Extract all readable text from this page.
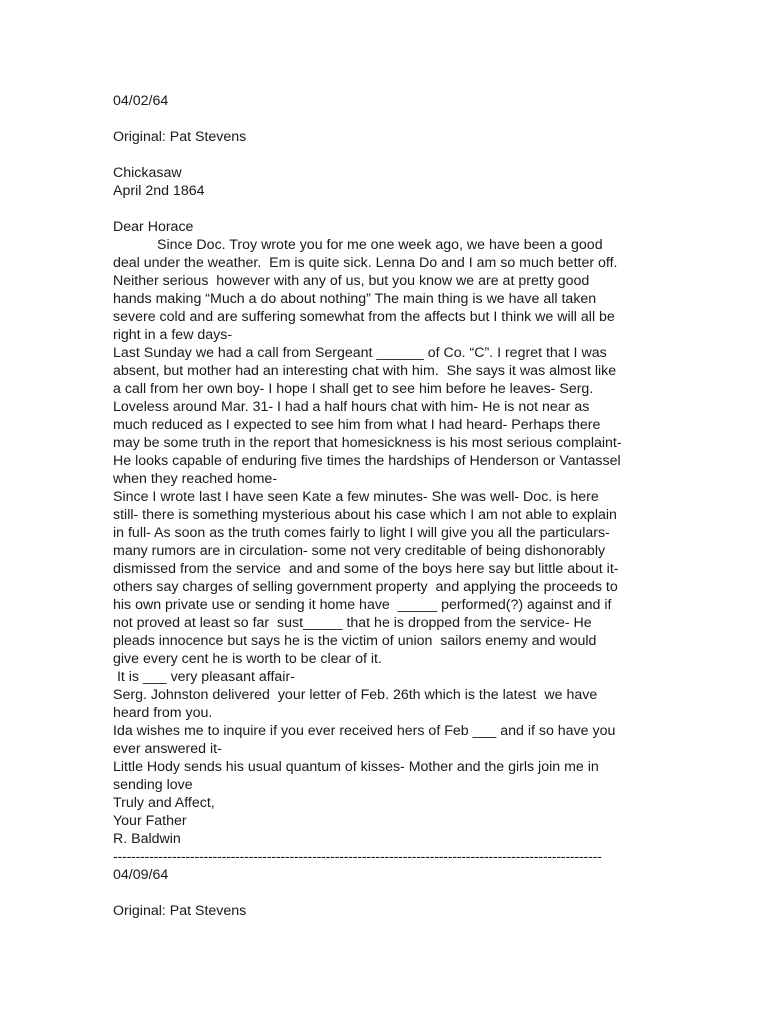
04/02/64
Original: Pat Stevens
Chickasaw
April 2nd 1864
Dear Horace
Since Doc. Troy wrote you for me one week ago, we have been a good
deal under the weather.  Em is quite sick. Lenna Do and I am so much better off.
Neither serious  however with any of us, but you know we are at pretty good
hands making “Much a do about nothing” The main thing is we have all taken
severe cold and are suffering somewhat from the affects but I think we will all be
right in a few days-
Last Sunday we had a call from Sergeant ______ of Co. “C”. I regret that I was
absent, but mother had an interesting chat with him.  She says it was almost like
a call from her own boy- I hope I shall get to see him before he leaves- Serg.
Loveless around Mar. 31- I had a half hours chat with him- He is not near as
much reduced as I expected to see him from what I had heard- Perhaps there
may be some truth in the report that homesickness is his most serious complaint-
He looks capable of enduring five times the hardships of Henderson or Vantassel
when they reached home-
Since I wrote last I have seen Kate a few minutes- She was well- Doc. is here
still- there is something mysterious about his case which I am not able to explain
in full- As soon as the truth comes fairly to light I will give you all the particulars-
many rumors are in circulation- some not very creditable of being dishonorably
dismissed from the service  and and some of the boys here say but little about it-
others say charges of selling government property  and applying the proceeds to
his own private use or sending it home have  _____ performed(?) against and if
not proved at least so far  sust_____ that he is dropped from the service- He
pleads innocence but says he is the victim of union  sailors enemy and would
give every cent he is worth to be clear of it.
It is ___ very pleasant affair-
Serg. Johnston delivered  your letter of Feb. 26th which is the latest  we have
heard from you.
Ida wishes me to inquire if you ever received hers of Feb ___ and if so have you
ever answered it-
Little Hody sends his usual quantum of kisses- Mother and the girls join me in
sending love
Truly and Affect,
Your Father
R. Baldwin
------------------------------------------------------------------------------------------------------------
04/09/64
Original: Pat Stevens
